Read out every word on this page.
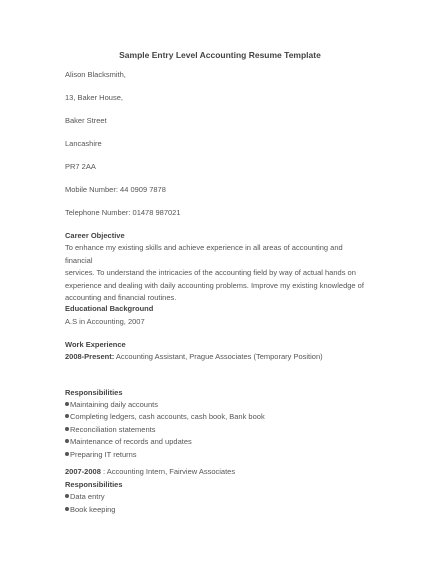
Sample Entry Level Accounting Resume Template
Alison Blacksmith,
13, Baker House,
Baker Street
Lancashire
PR7 2AA
Mobile Number: 44 0909 7878
Telephone Number: 01478 987021
Career Objective
To enhance my existing skills and achieve experience in all areas of accounting and financial
services. To understand the intricacies of the accounting field by way of actual hands on
experience and dealing with daily accounting problems. Improve my existing knowledge of
accounting and financial routines.
Educational Background
A.S in Accounting, 2007
Work Experience
2008-Present: Accounting Assistant, Prague Associates (Temporary Position)
Responsibilities
Maintaining daily accounts
Completing ledgers, cash accounts, cash book, Bank book
Reconciliation statements
Maintenance of records and updates
Preparing IT returns
2007-2008 : Accounting Intern, Fairview Associates
Responsibilities
Data entry
Book keeping
